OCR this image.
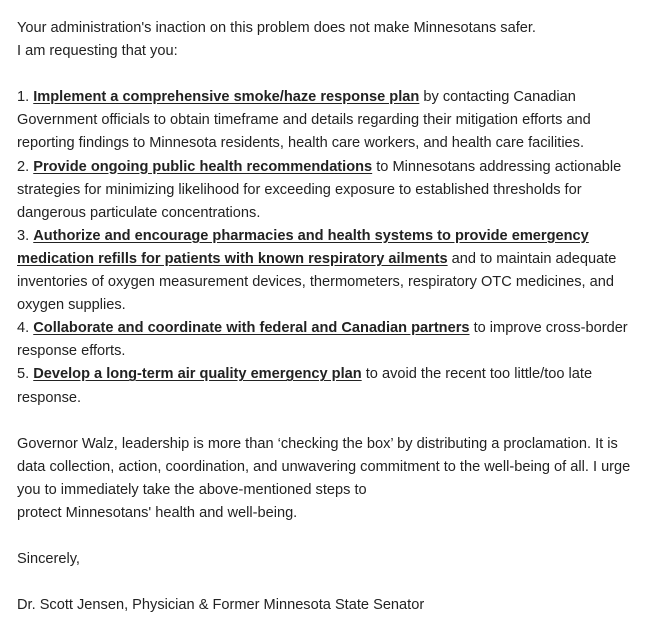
Your administration's inaction on this problem does not make Minnesotans safer.
I am requesting that you:

1. Implement a comprehensive smoke/haze response plan by contacting Canadian Government officials to obtain timeframe and details regarding their mitigation efforts and reporting findings to Minnesota residents, health care workers, and health care facilities.

2. Provide ongoing public health recommendations to Minnesotans addressing actionable strategies for minimizing likelihood for exceeding exposure to established thresholds for dangerous particulate concentrations.

3. Authorize and encourage pharmacies and health systems to provide emergency medication refills for patients with known respiratory ailments and to maintain adequate inventories of oxygen measurement devices, thermometers, respiratory OTC medicines, and oxygen supplies.

4. Collaborate and coordinate with federal and Canadian partners to improve cross-border response efforts.

5. Develop a long-term air quality emergency plan to avoid the recent too little/too late response.

Governor Walz, leadership is more than ‘checking the box’ by distributing a proclamation. It is data collection, action, coordination, and unwavering commitment to the well-being of all. I urge you to immediately take the above-mentioned steps to
protect Minnesotans' health and well-being.

Sincerely,

Dr. Scott Jensen, Physician & Former Minnesota State Senator
